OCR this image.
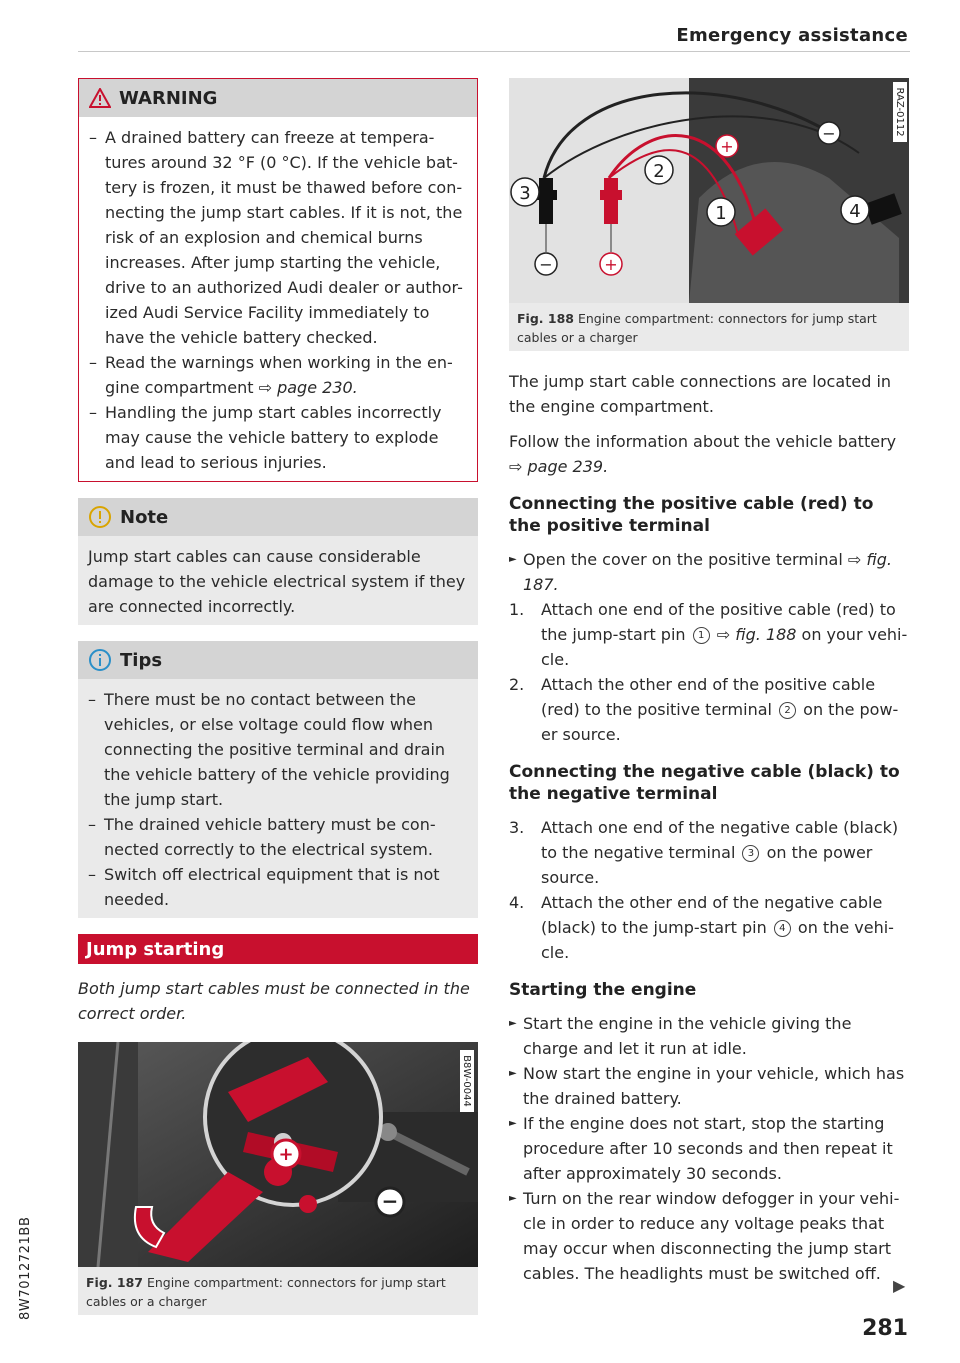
Emergency assistance
8W7012721BB
WARNING
– A drained battery can freeze at tempera-tures around 32 °F (0 °C). If the vehicle bat-tery is frozen, it must be thawed before con-necting the jump start cables. If it is not, the risk of an explosion and chemical burns increases. After jump starting the vehicle, drive to an authorized Audi dealer or author-ized Audi Service Facility immediately to have the vehicle battery checked.
– Read the warnings when working in the en-gine compartment ⇨ page 230.
– Handling the jump start cables incorrectly may cause the vehicle battery to explode and lead to serious injuries.
Note

Jump start cables can cause considerable damage to the vehicle electrical system if they are connected incorrectly.

Tips
– There must be no contact between the vehicles, or else voltage could flow when connecting the positive terminal and drain the vehicle battery of the vehicle providing the jump start.
– The drained vehicle battery must be con-nected correctly to the electrical system.
– Switch off electrical equipment that is not needed.
Jump starting

Both jump start cables must be connected in the correct order.

+
−
B8W-0044
Fig. 187 Engine compartment: connectors for jump start cables or a charger
−	+
+
−
3
2
1	4
RAZ-0112
Fig. 188 Engine compartment: connectors for jump start cables or a charger

The jump start cable connections are located in the engine compartment.

Follow the information about the vehicle battery ⇨ page 239.

Connecting the positive cable (red) to the positive terminal
► Open the cover on the positive terminal ⇨ fig. 187.
1. Attach one end of the positive cable (red) to the jump-start pin 1 ⇨ fig. 188 on your vehi-cle.
2. Attach the other end of the positive cable (red) to the positive terminal 2 on the pow-er source.
Connecting the negative cable (black) to the negative terminal
3. Attach one end of the negative cable (black) to the negative terminal 3 on the power source.
4. Attach the other end of the negative cable (black) to the jump-start pin 4 on the vehi-cle.
Starting the engine
► Start the engine in the vehicle giving the charge and let it run at idle.
► Now start the engine in your vehicle, which has the drained battery.
► If the engine does not start, stop the starting procedure after 10 seconds and then repeat it after approximately 30 seconds.
► Turn on the rear window defogger in your vehi-cle in order to reduce any voltage peaks that may occur when disconnecting the jump start cables. The headlights must be switched off.
▶
281
